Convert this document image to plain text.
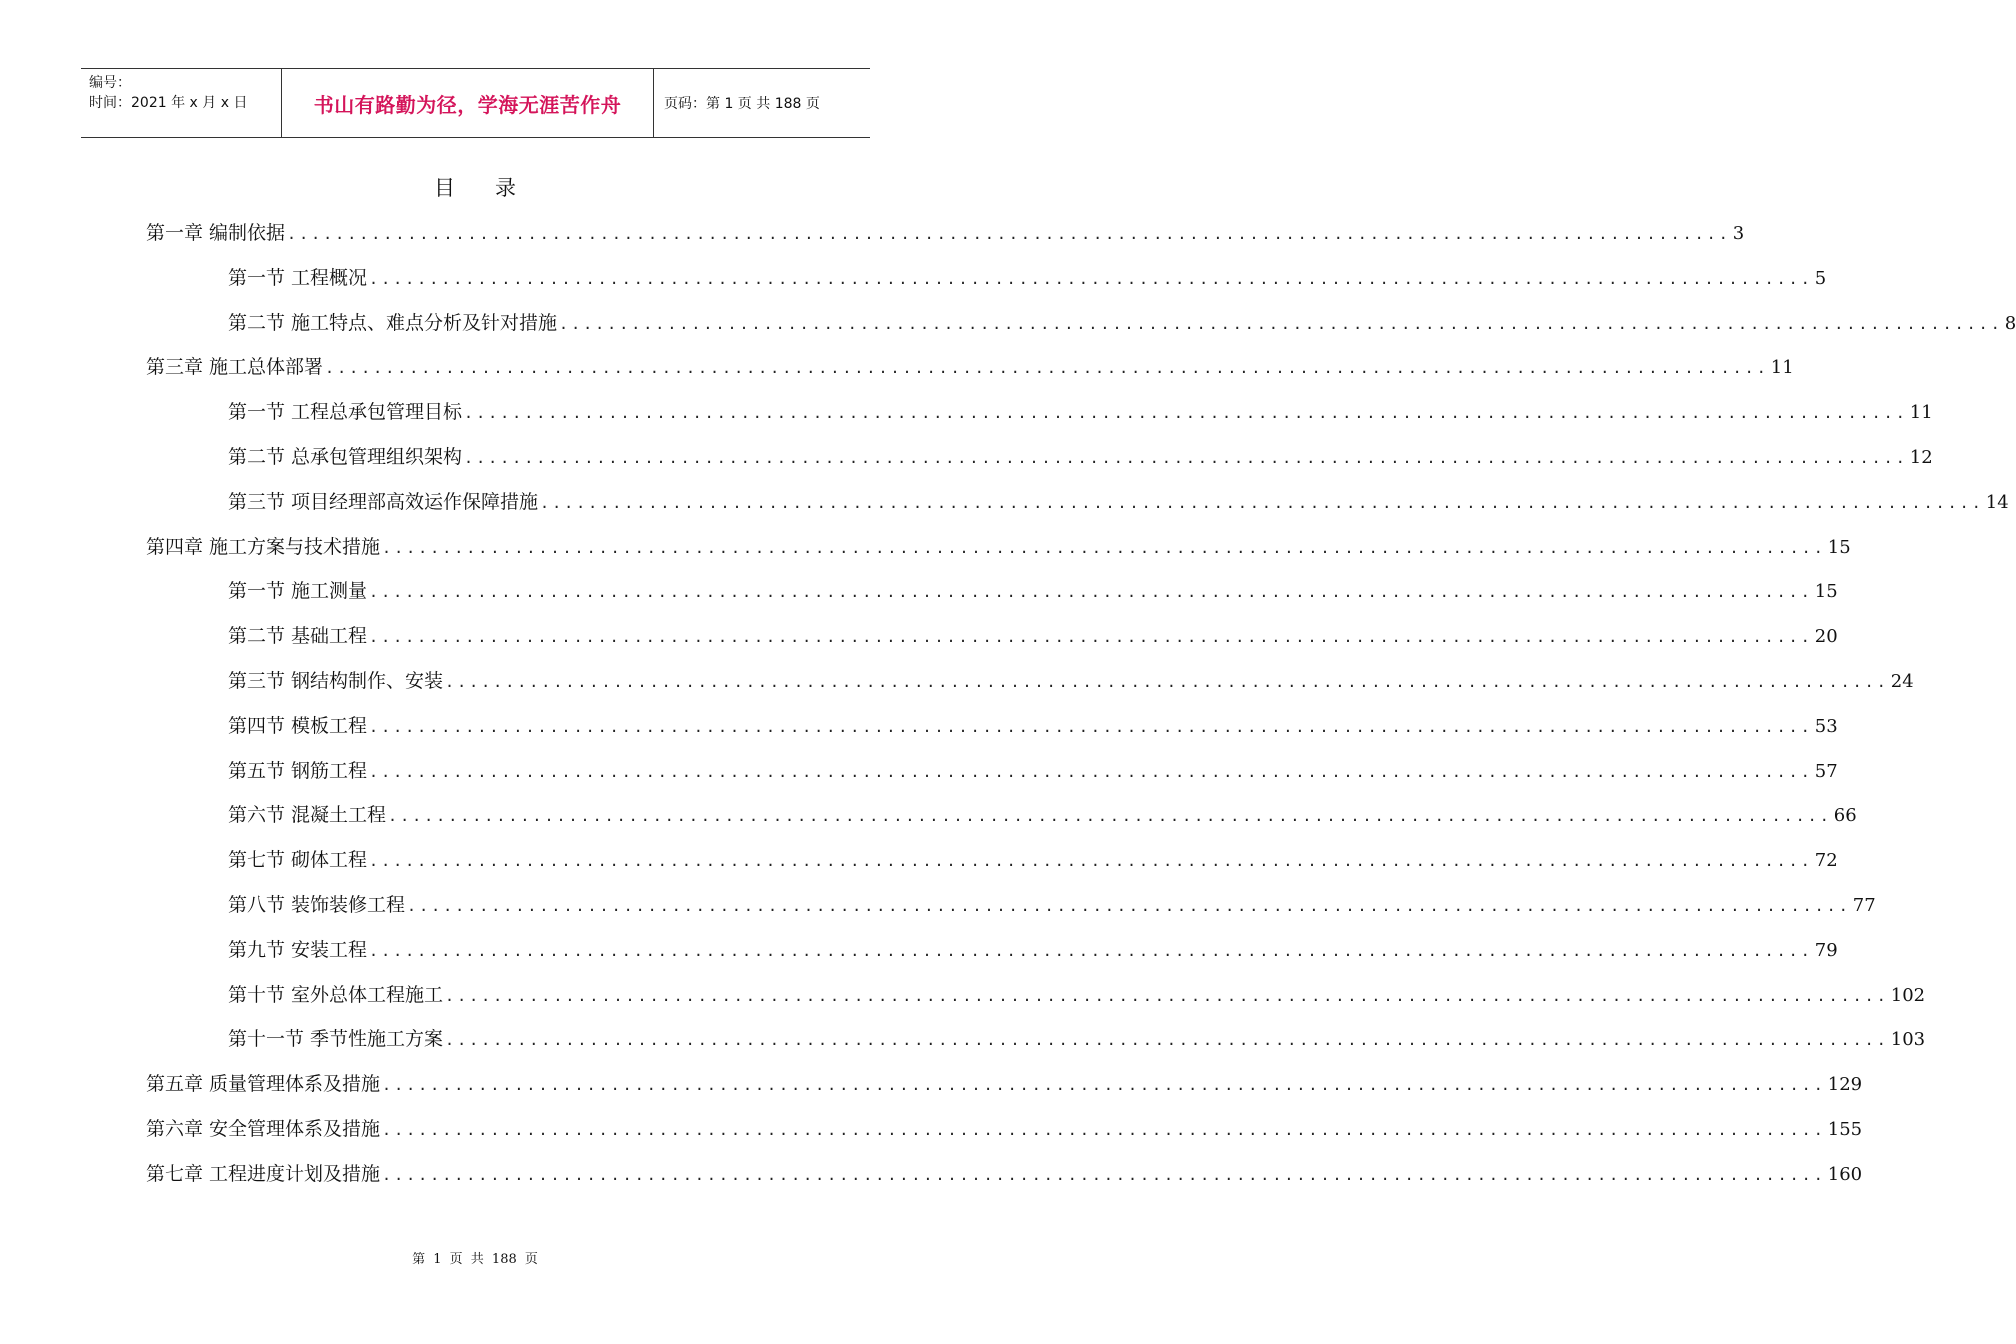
编号：
时间：2021 年 x 月 x 日	书山有路勤为径，学海无涯苦作舟	页码：第 1 页 共 188 页
目录
第一章 编制依据 ........................................................................................................................ 3
第一节 工程概况 ........................................................................................................................ 5
第二节 施工特点、难点分析及针对措施 ........................................................................................................................ 8
第三章 施工总体部署 ........................................................................................................................ 11
第一节 工程总承包管理目标 ........................................................................................................................ 11
第二节 总承包管理组织架构 ........................................................................................................................ 12
第三节 项目经理部高效运作保障措施 ........................................................................................................................ 14
第四章 施工方案与技术措施 ........................................................................................................................ 15
第一节 施工测量 ........................................................................................................................ 15
第二节 基础工程 ........................................................................................................................ 20
第三节 钢结构制作、安装 ........................................................................................................................ 24
第四节 模板工程 ........................................................................................................................ 53
第五节 钢筋工程 ........................................................................................................................ 57
第六节 混凝土工程 ........................................................................................................................ 66
第七节 砌体工程 ........................................................................................................................ 72
第八节 装饰装修工程 ........................................................................................................................ 77
第九节 安装工程 ........................................................................................................................ 79
第十节 室外总体工程施工 ........................................................................................................................ 102
第十一节 季节性施工方案 ........................................................................................................................ 103
第五章 质量管理体系及措施 ........................................................................................................................ 129
第六章 安全管理体系及措施 ........................................................................................................................ 155
第七章 工程进度计划及措施 ........................................................................................................................ 160
第 1 页 共 188 页
